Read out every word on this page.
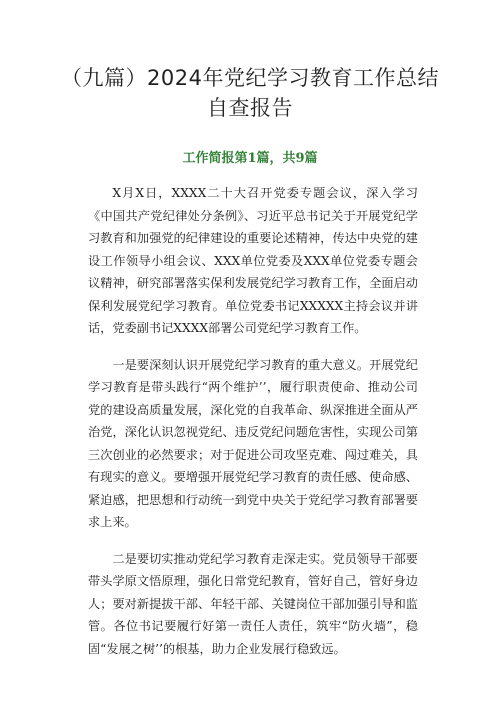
（九篇）2024年党纪学习教育工作总结自查报告
工作简报第1篇，共9篇

X月X日，XXXX二十大召开党委专题会议，深入学习《中国共产党纪律处分条例》、习近平总书记关于开展党纪学习教育和加强党的纪律建设的重要论述精神，传达中央党的建设工作领导小组会议、XXX单位党委及XXX单位党委专题会议精神，研究部署落实保利发展党纪学习教育工作，全面启动保利发展党纪学习教育。单位党委书记XXXXX主持会议并讲话，党委副书记XXXX部署公司党纪学习教育工作。

一是要深刻认识开展党纪学习教育的重大意义。开展党纪学习教育是带头践行“两个维护’’，履行职责使命、推动公司党的建设高质量发展，深化党的自我革命、纵深推进全面从严治党，深化认识忽视党纪、违反党纪问题危害性，实现公司第三次创业的必然要求；对于促进公司攻坚克难、闯过难关，具有现实的意义。要增强开展党纪学习教育的责任感、使命感、紧迫感，把思想和行动统一到党中央关于党纪学习教育部署要求上来。

二是要切实推动党纪学习教育走深走实。党员领导干部要带头学原文悟原理，强化日常党纪教育，管好自己，管好身边人；要对新提拔干部、年轻干部、关键岗位干部加强引导和监管。各位书记要履行好第一责任人责任，筑牢“防火墙”，稳固“发展之树’’的根基，助力企业发展行稳致远。
